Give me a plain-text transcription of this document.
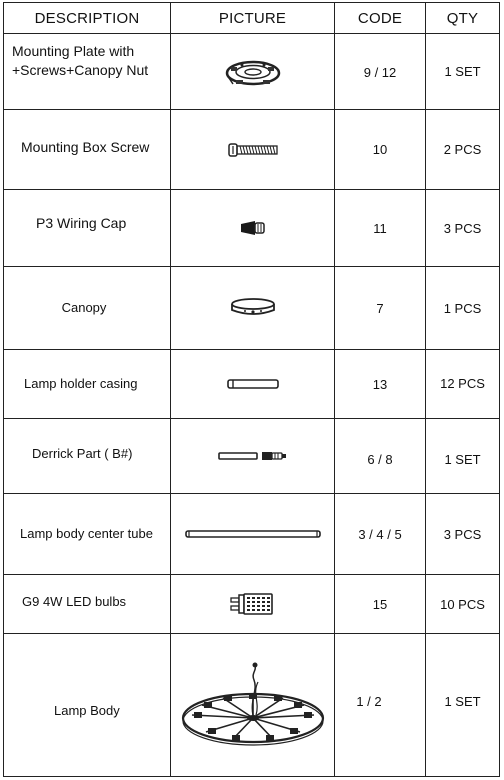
DESCRIPTION	PICTURE	CODE	QTY

Mounting Plate with
+Screws+Canopy Nut		9 / 12	1 SET

Mounting Box Screw		10	2 PCS

P3 Wiring Cap		11	3 PCS

Canopy		7	1 PCS

Lamp holder casing		13	12 PCS

Derrick Part ( B#)		6 / 8	1 SET

Lamp body center tube		3 / 4 / 5	3 PCS

G9 4W LED bulbs		15	10 PCS

Lamp Body		1 / 2	1 SET
